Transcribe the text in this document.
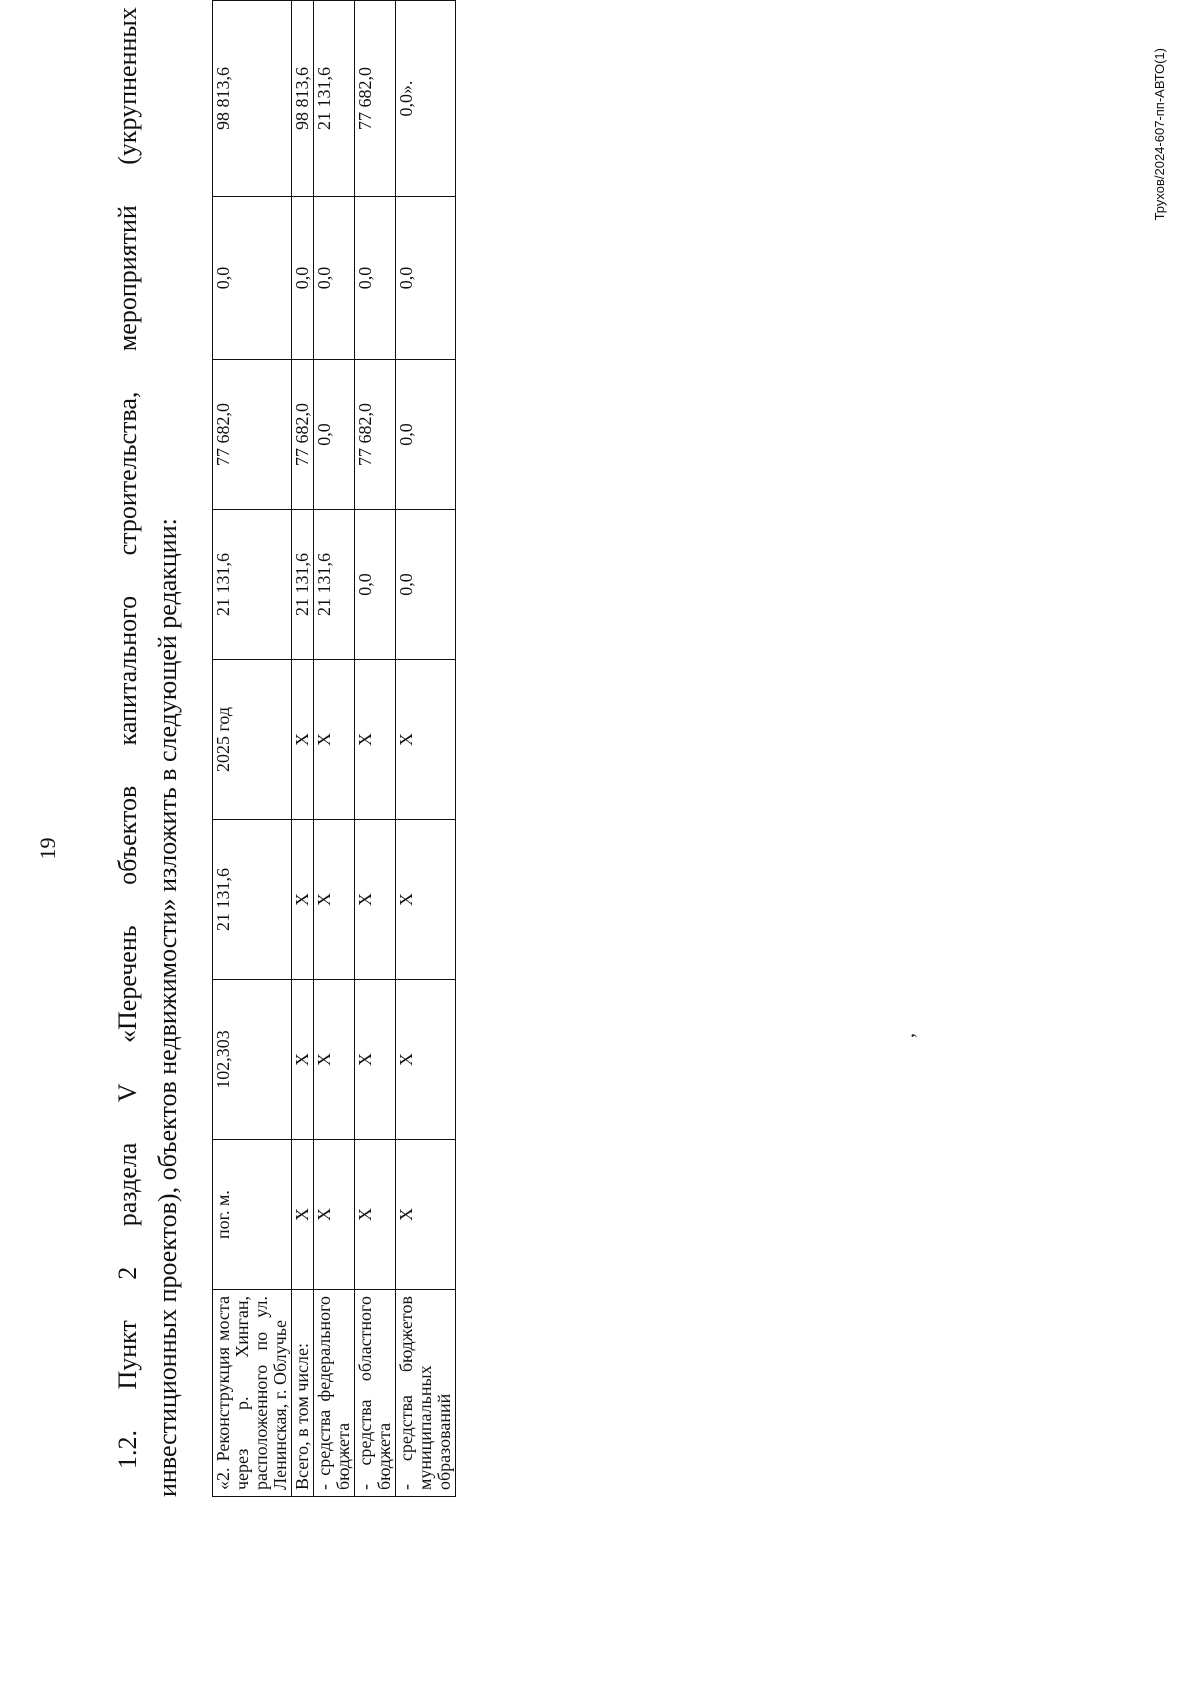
19
1.2.
Пункт
2
раздела
V
«Перечень
объектов
капитального
строительства,
мероприятий
(укрупненных
инвестиционных проектов), объектов недвижимости» изложить в следующей редакции:	«2. Реконструкция моста через р. Хинган, расположенного по ул. Ленинская, г. Облучье	пог. м.	102,303	21 131,6	2025 год	21 131,6	77 682,0	0,0	98 813,6
Всего, в том числе:	Х	Х	Х	Х	21 131,6	77 682,0	0,0	98 813,6
- средства федерального бюджета	Х	Х	Х	Х	21 131,6	0,0	0,0	21 131,6
- средства областного бюджета	Х	Х	Х	Х	0,0	77 682,0	0,0	77 682,0
- средства бюджетов муниципальных образований	Х	Х	Х	Х	0,0	0,0	0,0	0,0».
ʼ
Трухов/2024-607-пп-АВТО(1)
